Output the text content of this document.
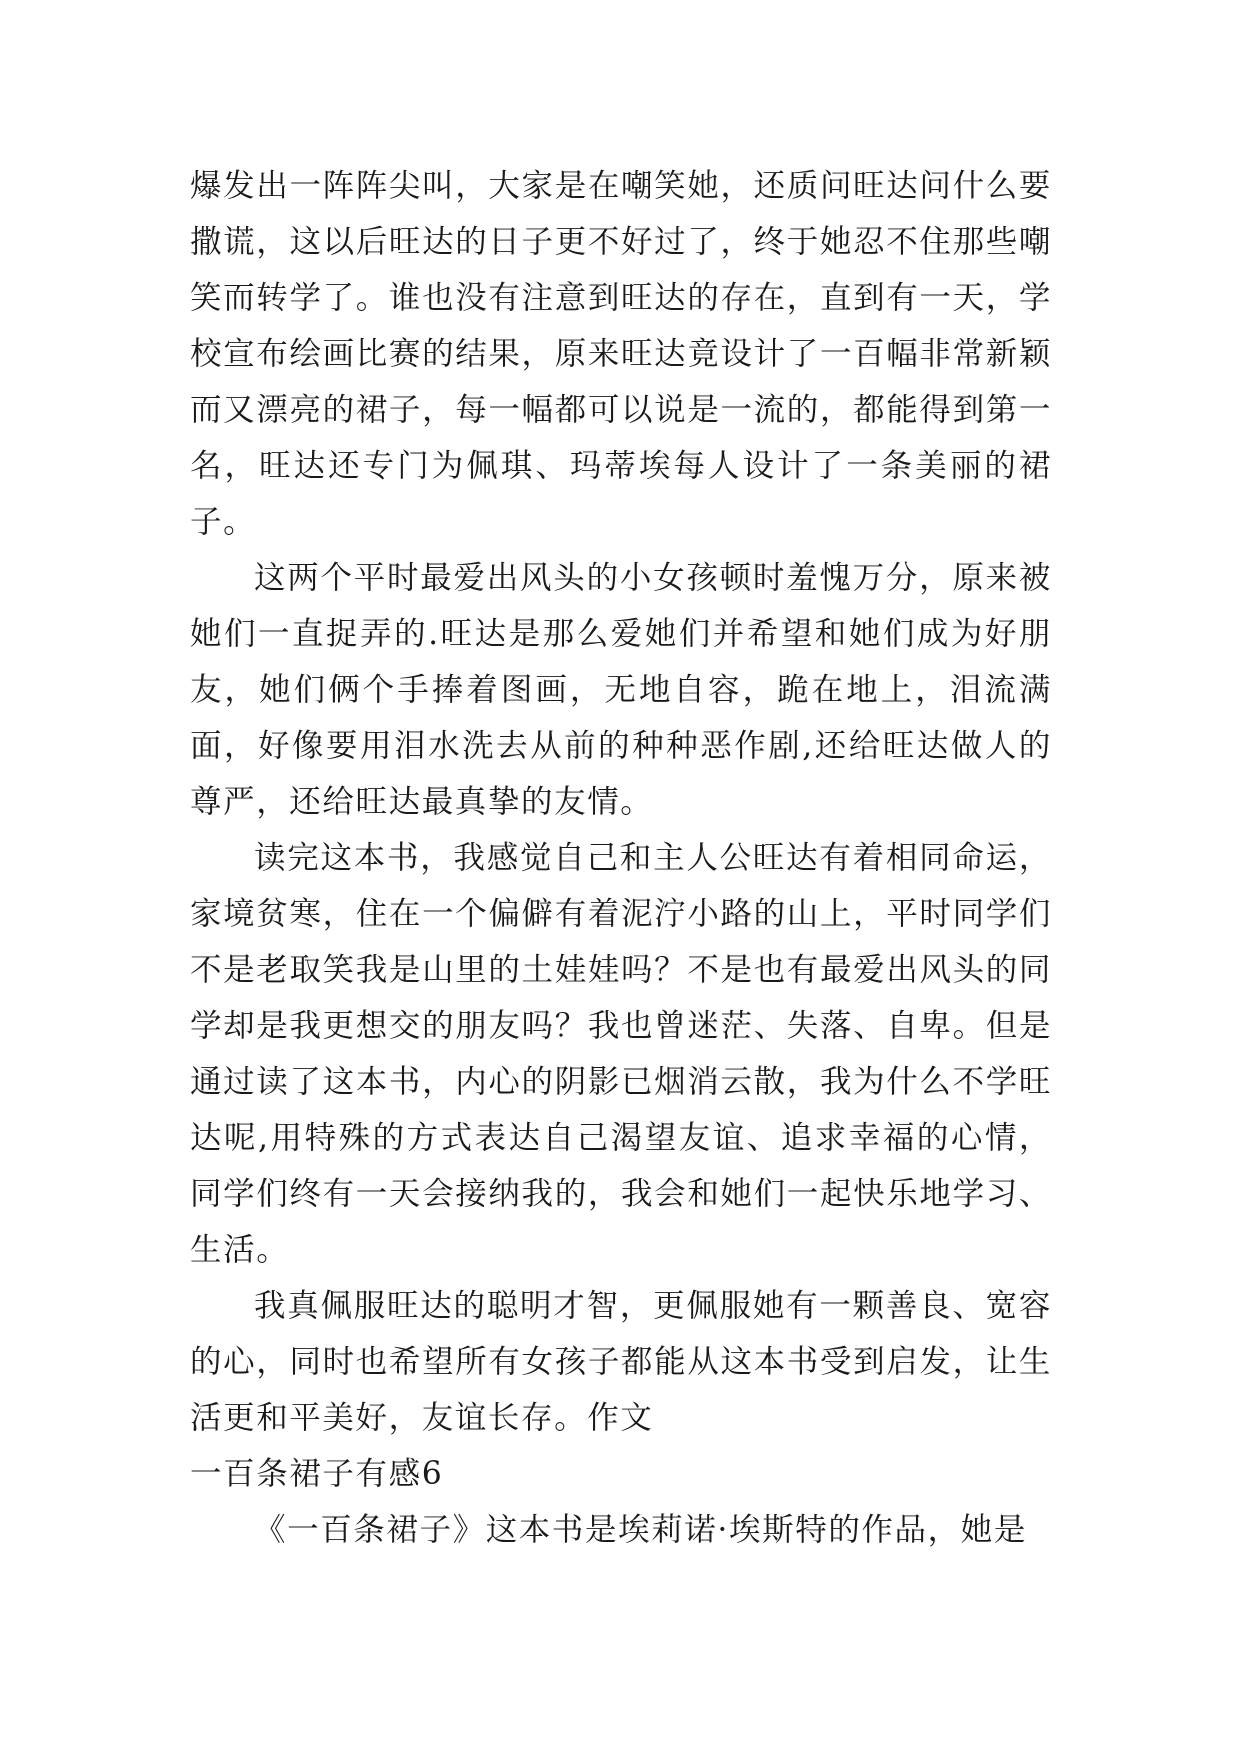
爆发出一阵阵尖叫，大家是在嘲笑她，还质问旺达问什么要撒谎，这以后旺达的日子更不好过了，终于她忍不住那些嘲笑而转学了。谁也没有注意到旺达的存在，直到有一天，学校宣布绘画比赛的结果，原来旺达竟设计了一百幅非常新颖而又漂亮的裙子，每一幅都可以说是一流的，都能得到第一名，旺达还专门为佩琪、玛蒂埃每人设计了一条美丽的裙子。

这两个平时最爱出风头的小女孩顿时羞愧万分，原来被她们一直捉弄的.旺达是那么爱她们并希望和她们成为好朋友，她们俩个手捧着图画，无地自容，跪在地上，泪流满面，好像要用泪水洗去从前的种种恶作剧,还给旺达做人的尊严，还给旺达最真挚的友情。

读完这本书，我感觉自己和主人公旺达有着相同命运，家境贫寒，住在一个偏僻有着泥泞小路的山上，平时同学们不是老取笑我是山里的土娃娃吗？不是也有最爱出风头的同学却是我更想交的朋友吗？我也曾迷茫、失落、自卑。但是通过读了这本书，内心的阴影已烟消云散，我为什么不学旺达呢,用特殊的方式表达自己渴望友谊、追求幸福的心情，同学们终有一天会接纳我的，我会和她们一起快乐地学习、生活。

我真佩服旺达的聪明才智，更佩服她有一颗善良、宽容的心，同时也希望所有女孩子都能从这本书受到启发，让生活更和平美好，友谊长存。作文

一百条裙子有感6

《一百条裙子》这本书是埃莉诺·埃斯特的作品，她是
